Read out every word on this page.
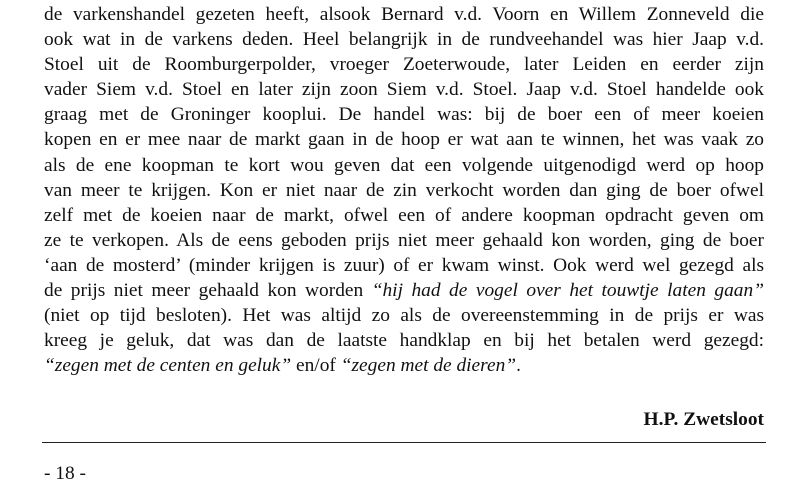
de varkenshandel gezeten heeft, alsook Bernard v.d. Voorn en Willem Zonneveld die
ook wat in de varkens deden. Heel belangrijk in de rundveehandel was hier Jaap v.d.
Stoel uit de Roomburgerpolder, vroeger Zoeterwoude, later Leiden en eerder zijn
vader Siem v.d. Stoel en later zijn zoon Siem v.d. Stoel. Jaap v.d. Stoel handelde ook
graag met de Groninger kooplui. De handel was: bij de boer een of meer koeien
kopen en er mee naar de markt gaan in de hoop er wat aan te winnen, het was vaak zo
als de ene koopman te kort wou geven dat een volgende uitgenodigd werd op hoop
van meer te krijgen. Kon er niet naar de zin verkocht worden dan ging de boer ofwel
zelf met de koeien naar de markt, ofwel een of andere koopman opdracht geven om
ze te verkopen. Als de eens geboden prijs niet meer gehaald kon worden, ging de boer
‘aan de mosterd’ (minder krijgen is zuur) of er kwam winst. Ook werd wel gezegd als
de prijs niet meer gehaald kon worden “hij had de vogel over het touwtje laten gaan”
(niet op tijd besloten). Het was altijd zo als de overeenstemming in de prijs er was
kreeg je geluk, dat was dan de laatste handklap en bij het betalen werd gezegd:
“zegen met de centen en geluk” en/of “zegen met de dieren”.

H.P. Zwetsloot

- 18 -
